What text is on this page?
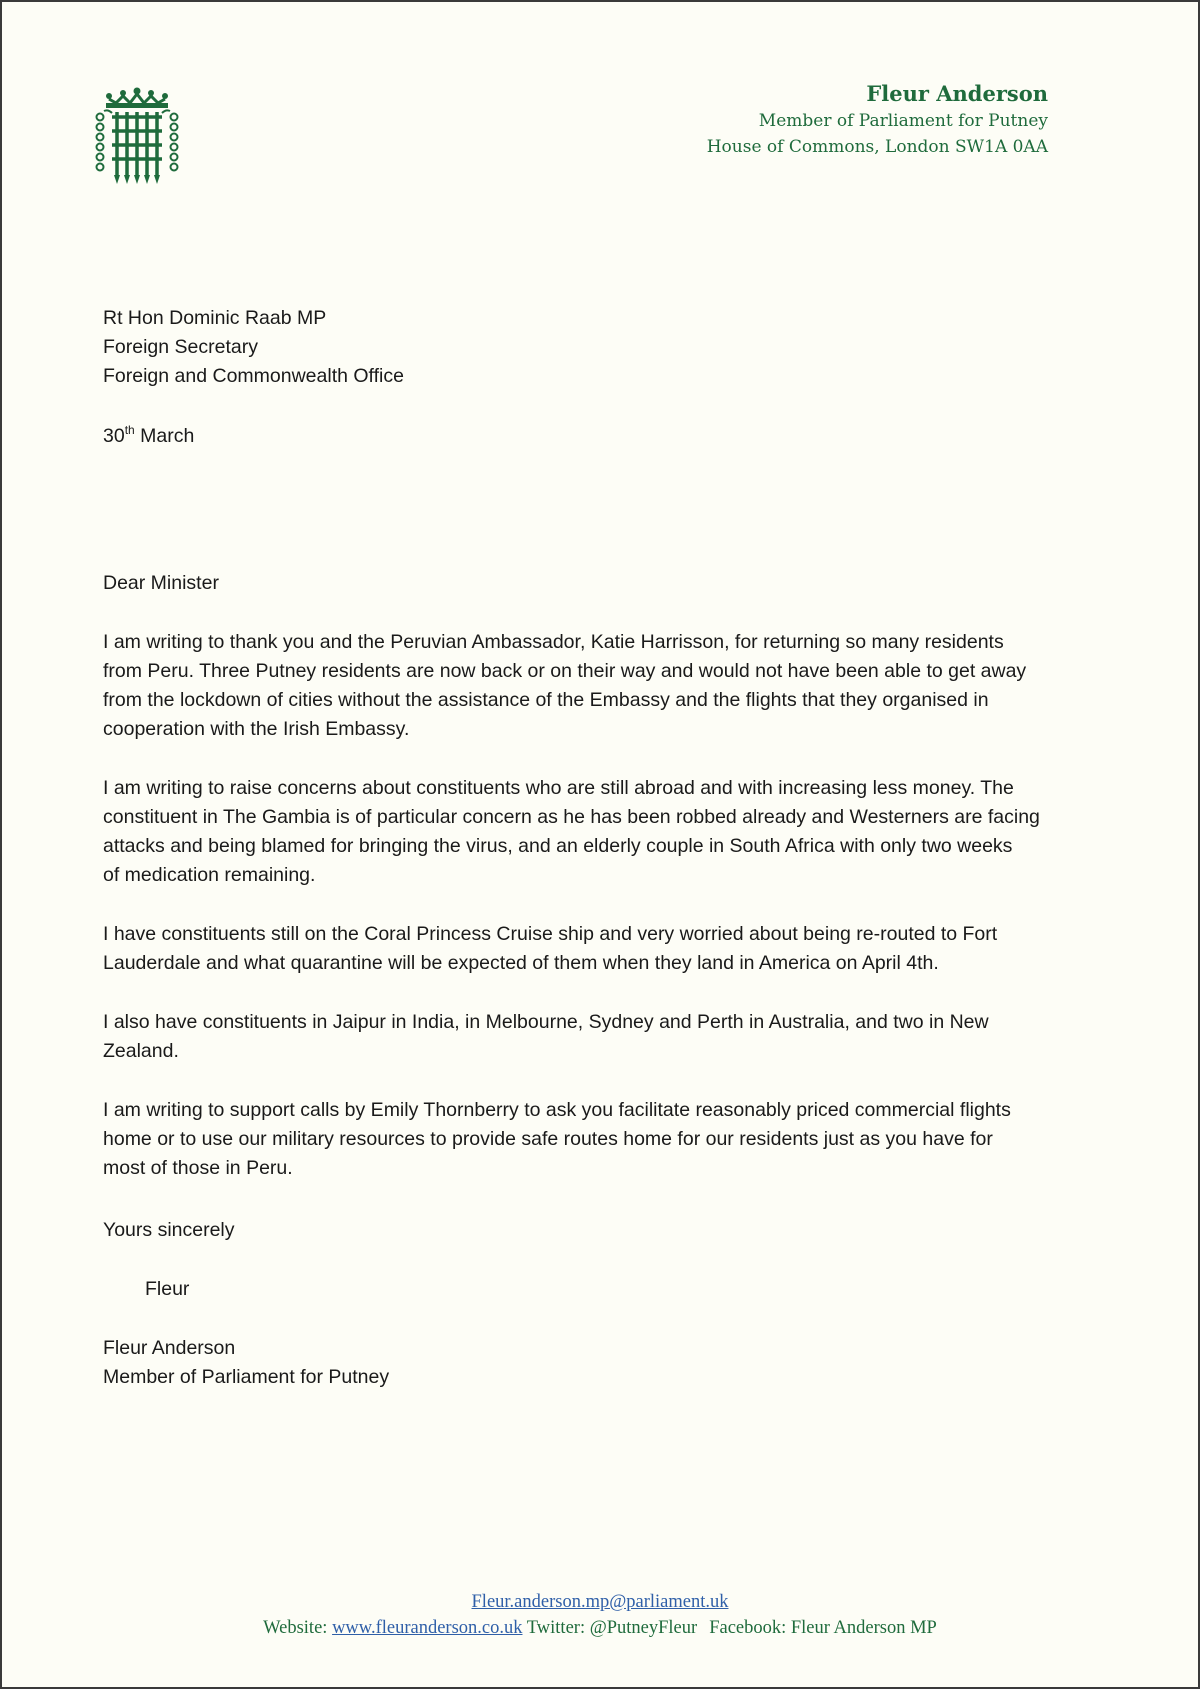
Fleur Anderson
Member of Parliament for Putney
House of Commons, London SW1A 0AA
Rt Hon Dominic Raab MP
Foreign Secretary
Foreign and Commonwealth Office
30th March
Dear Minister
I am writing to thank you and the Peruvian Ambassador, Katie Harrisson, for returning so many residents
from Peru. Three Putney residents are now back or on their way and would not have been able to get away
from the lockdown of cities without the assistance of the Embassy and the flights that they organised in
cooperation with the Irish Embassy.
I am writing to raise concerns about constituents who are still abroad and with increasing less money. The
constituent in The Gambia is of particular concern as he has been robbed already and Westerners are facing
attacks and being blamed for bringing the virus, and an elderly couple in South Africa with only two weeks
of medication remaining.
I have constituents still on the Coral Princess Cruise ship and very worried about being re-routed to Fort
Lauderdale and what quarantine will be expected of them when they land in America on April 4th.
I also have constituents in Jaipur in India, in Melbourne, Sydney and Perth in Australia, and two in New
Zealand.
I am writing to support calls by Emily Thornberry to ask you facilitate reasonably priced commercial flights
home or to use our military resources to provide safe routes home for our residents just as you have for
most of those in Peru.
Yours sincerely
Fleur
Fleur Anderson
Member of Parliament for Putney
Fleur.anderson.mp@parliament.uk
Website: www.fleuranderson.co.uk Twitter: @PutneyFleur Facebook: Fleur Anderson MP
